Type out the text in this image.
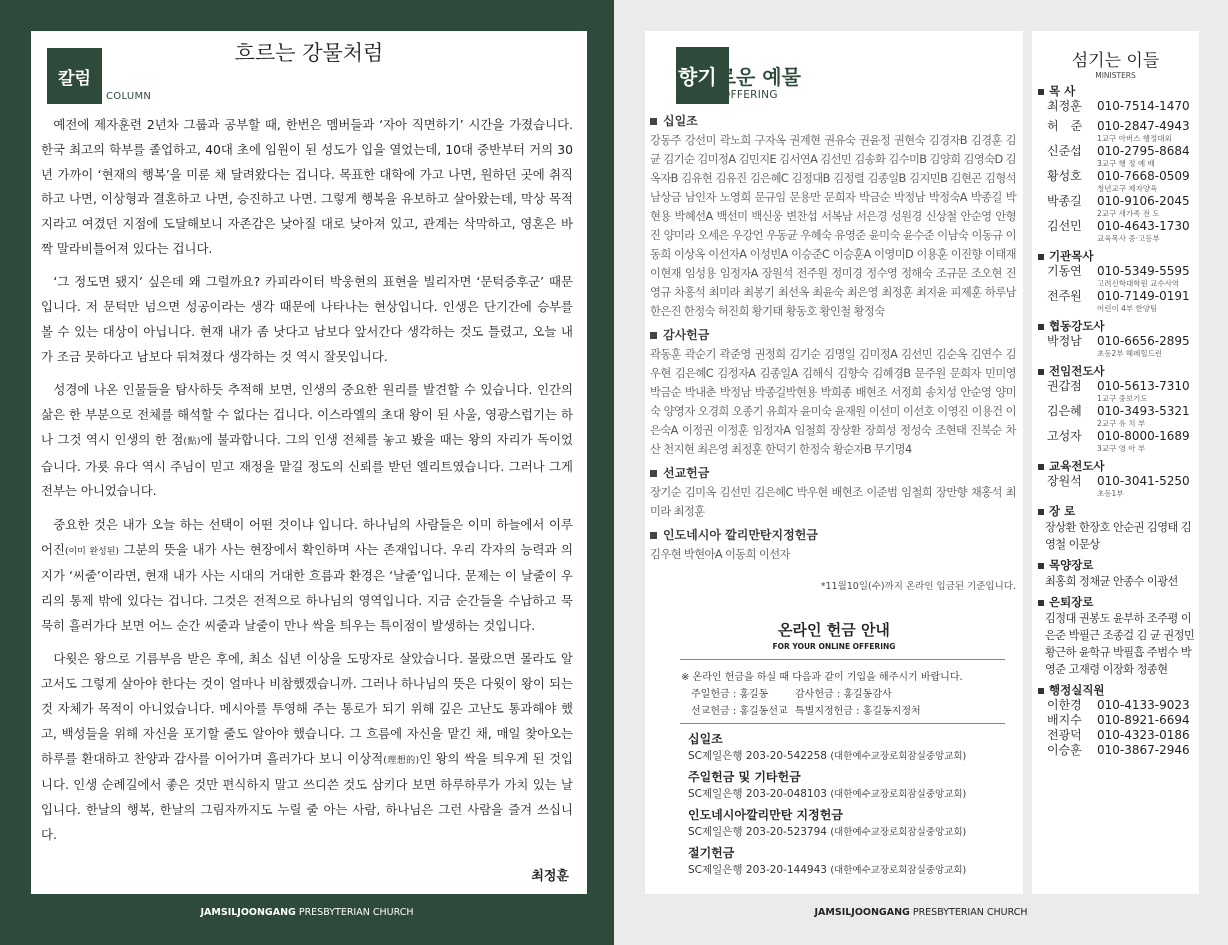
칼럼
COLUMN
흐르는 강물처럼

예전에 제자훈련 2년차 그룹과 공부할 때, 한번은 멤버들과 ‘자아 직면하기’ 시간을 가졌습니다. 한국 최고의 학부를 졸업하고, 40대 초에 임원이 된 성도가 입을 열었는데, 10대 중반부터 거의 30년 가까이 ‘현재의 행복’을 미룬 채 달려왔다는 겁니다. 목표한 대학에 가고 나면, 원하던 곳에 취직하고 나면, 이상형과 결혼하고 나면, 승진하고 나면. 그렇게 행복을 유보하고 살아왔는데, 막상 목적지라고 여겼던 지점에 도달해보니 자존감은 낮아질 대로 낮아져 있고, 관계는 삭막하고, 영혼은 바짝 말라비틀어져 있다는 겁니다.

‘그 정도면 됐지’ 싶은데 왜 그럴까요? 카피라이터 박웅현의 표현을 빌리자면 ‘문턱증후군’ 때문입니다. 저 문턱만 넘으면 성공이라는 생각 때문에 나타나는 현상입니다. 인생은 단기간에 승부를 볼 수 있는 대상이 아닙니다. 현재 내가 좀 낫다고 남보다 앞서간다 생각하는 것도 틀렸고, 오늘 내가 조금 못하다고 남보다 뒤쳐졌다 생각하는 것 역시 잘못입니다.

성경에 나온 인물들을 탐사하듯 추적해 보면, 인생의 중요한 원리를 발견할 수 있습니다. 인간의 삶은 한 부분으로 전체를 해석할 수 없다는 겁니다. 이스라엘의 초대 왕이 된 사울, 영광스럽기는 하나 그것 역시 인생의 한 점(點)에 불과합니다. 그의 인생 전체를 놓고 봤을 때는 왕의 자리가 독이었습니다. 가룟 유다 역시 주님이 믿고 재정을 맡길 정도의 신뢰를 받던 엘리트였습니다. 그러나 그게 전부는 아니었습니다.

중요한 것은 내가 오늘 하는 선택이 어떤 것이냐 입니다. 하나님의 사람들은 이미 하늘에서 이루어진(이미 완성된) 그분의 뜻을 내가 사는 현장에서 확인하며 사는 존재입니다. 우리 각자의 능력과 의지가 ‘씨줄’이라면, 현재 내가 사는 시대의 거대한 흐름과 환경은 ‘날줄’입니다. 문제는 이 날줄이 우리의 통제 밖에 있다는 겁니다. 그것은 전적으로 하나님의 영역입니다. 지금 순간들을 수납하고 묵묵히 흘러가다 보면 어느 순간 씨줄과 날줄이 만나 싹을 틔우는 특이점이 발생하는 것입니다.

다윗은 왕으로 기름부음 받은 후에, 최소 십년 이상을 도망자로 살았습니다. 몰랐으면 몰라도 알고서도 그렇게 살아야 한다는 것이 얼마나 비참했겠습니까. 그러나 하나님의 뜻은 다윗이 왕이 되는 것 자체가 목적이 아니었습니다. 메시아를 투영해 주는 통로가 되기 위해 깊은 고난도 통과해야 했고, 백성들을 위해 자신을 포기할 줄도 알아야 했습니다. 그 흐름에 자신을 맡긴 채, 매일 찾아오는 하루를 환대하고 찬양과 감사를 이어가며 흘러가다 보니 이상적(理想的)인 왕의 싹을 틔우게 된 것입니다. 인생 순례길에서 좋은 것만 편식하지 말고 쓰디쓴 것도 삼키다 보면 하루하루가 가치 있는 날입니다. 한날의 행복, 한날의 그림자까지도 누릴 줄 아는 사람, 하나님은 그런 사람을 즐겨 쓰십니다.

최정훈
JAMSILJOONGANG PRESBYTERIAN CHURCH
향기로운 예물
OFFERING
십일조
강동주 강선미 곽노희 구자옥 권계현 권유숙 권윤정 권현숙 김경자B 김경훈 김 균 김기순 김미정A 김민지E 김서연A 김선민 김송화 김수미B 김양희 김영숙D 김옥자B 김유현 김유진 김은혜C 김정대B 김정렬 김종일B 김지민B 김현곤 김형석 남상금 남인자 노영희 문규임 문용만 문희자 박금순 박정남 박정숙A 박종길 박현용 박혜선A 백선미 백신웅 변찬섭 서복남 서은경 성원경 신상철 안순영 안형진 양미라 오세은 우강언 우동균 우혜숙 유영준 윤미숙 윤수준 이남숙 이동규 이동희 이상옥 이선자A 이성빈A 이승준C 이승훈A 이영미D 이용훈 이진향 이태재 이현재 임성용 임정자A 장원석 전주원 정미경 정수영 정해숙 조규문 조오현 진영규 차홍석 최미라 최봉기 최선옥 최윤숙 최은영 최정훈 최지윤 피제훈 하루남 한은진 한정숙 허진희 황기태 황동호 황인철 황정숙
감사헌금
곽동훈 곽순기 곽준영 권정희 김기순 김명일 김미정A 김선민 김순옥 김연수 김우현 김은혜C 김정자A 김종일A 김해식 김향숙 김혜경B 문주원 문희자 민미영 박금순 박내춘 박정남 박종길박현용 박희종 배현조 서정희 송치성 안순영 양미숙 양영자 오경희 오종기 유희자 윤미숙 윤재원 이선미 이선호 이영진 이용건 이은숙A 이정권 이정훈 임정자A 임철희 장상환 장희성 정성숙 조현태 진북순 차 산 천지현 최은영 최정훈 한덕기 한정숙 황순자B 무기명4
선교헌금
장기순 김미옥 김선민 김은혜C 박우현 배현조 이준범 임철희 장만향 채홍석 최미라 최정훈
인도네시아 깔리만탄지정헌금
김우현 박현아A 이동희 이선자
*11월10일(수)까지 온라인 입금된 기준입니다.
온라인 헌금 안내
FOR YOUR ONLINE OFFERING
※ 온라인 헌금을 하실 때 다음과 같이 기입을 해주시기 바랍니다.
주일헌금 : 홍길동	감사헌금 : 홍길동감사
선교헌금 : 홍길동선교 특별지정헌금 : 홍길동지정처
십일조
SC제일은행 203-20-542258 (대한예수교장로회잠실중앙교회)
주일헌금 및 기타헌금
SC제일은행 203-20-048103 (대한예수교장로회잠실중앙교회)
인도네시아깔리만탄 지정헌금
SC제일은행 203-20-523794 (대한예수교장로회잠실중앙교회)
절기헌금
SC제일은행 203-20-144943 (대한예수교장로회잠실중앙교회)
JAMSILJOONGANG PRESBYTERIAN CHURCH
섬기는 이들
MINISTERS
목 사
최정훈	010-7514-1470
허　준	010-2847-4943
1교구 아버스 행정대외
신준섭	010-2795-8684
3교구 행 정 예 배
황성호	010-7668-0509
청년교구 제자양육
박종길	010-9106-2045
2교구 새가족 전 도
김선민	010-4643-1730
교육목사 중·고등부
기관목사
기동연	010-5349-5595
고려신학대학원 교수사역
전주원	010-7149-0191
어린이 4부 한양팀
협동강도사
박정남	010-6656-2895
초등2부 헤페힐드린
전임전도사
권갑점	010-5613-7310
1교구 중보기도
김은혜	010-3493-5321
2교구 유 치 부
고성자	010-8000-1689
3교구 영 아 부
교육전도사
장원석	010-3041-5250
초등1부
장 로
장상환 한장호 안순권 김영태 김영철 이문상
목양장로
최홍희 정채균 안종수 이광선
은퇴장로
김정대 권봉도 윤부하 조주평 이은준 박필근 조종걸 김 균 권정민 황근하 윤학규 박필흡 주범수 박영준 고재령 이장화 정종현
행정실직원
이한경	010-4133-9023
배지수	010-8921-6694
전광덕	010-4323-0186
이승훈	010-3867-2946
